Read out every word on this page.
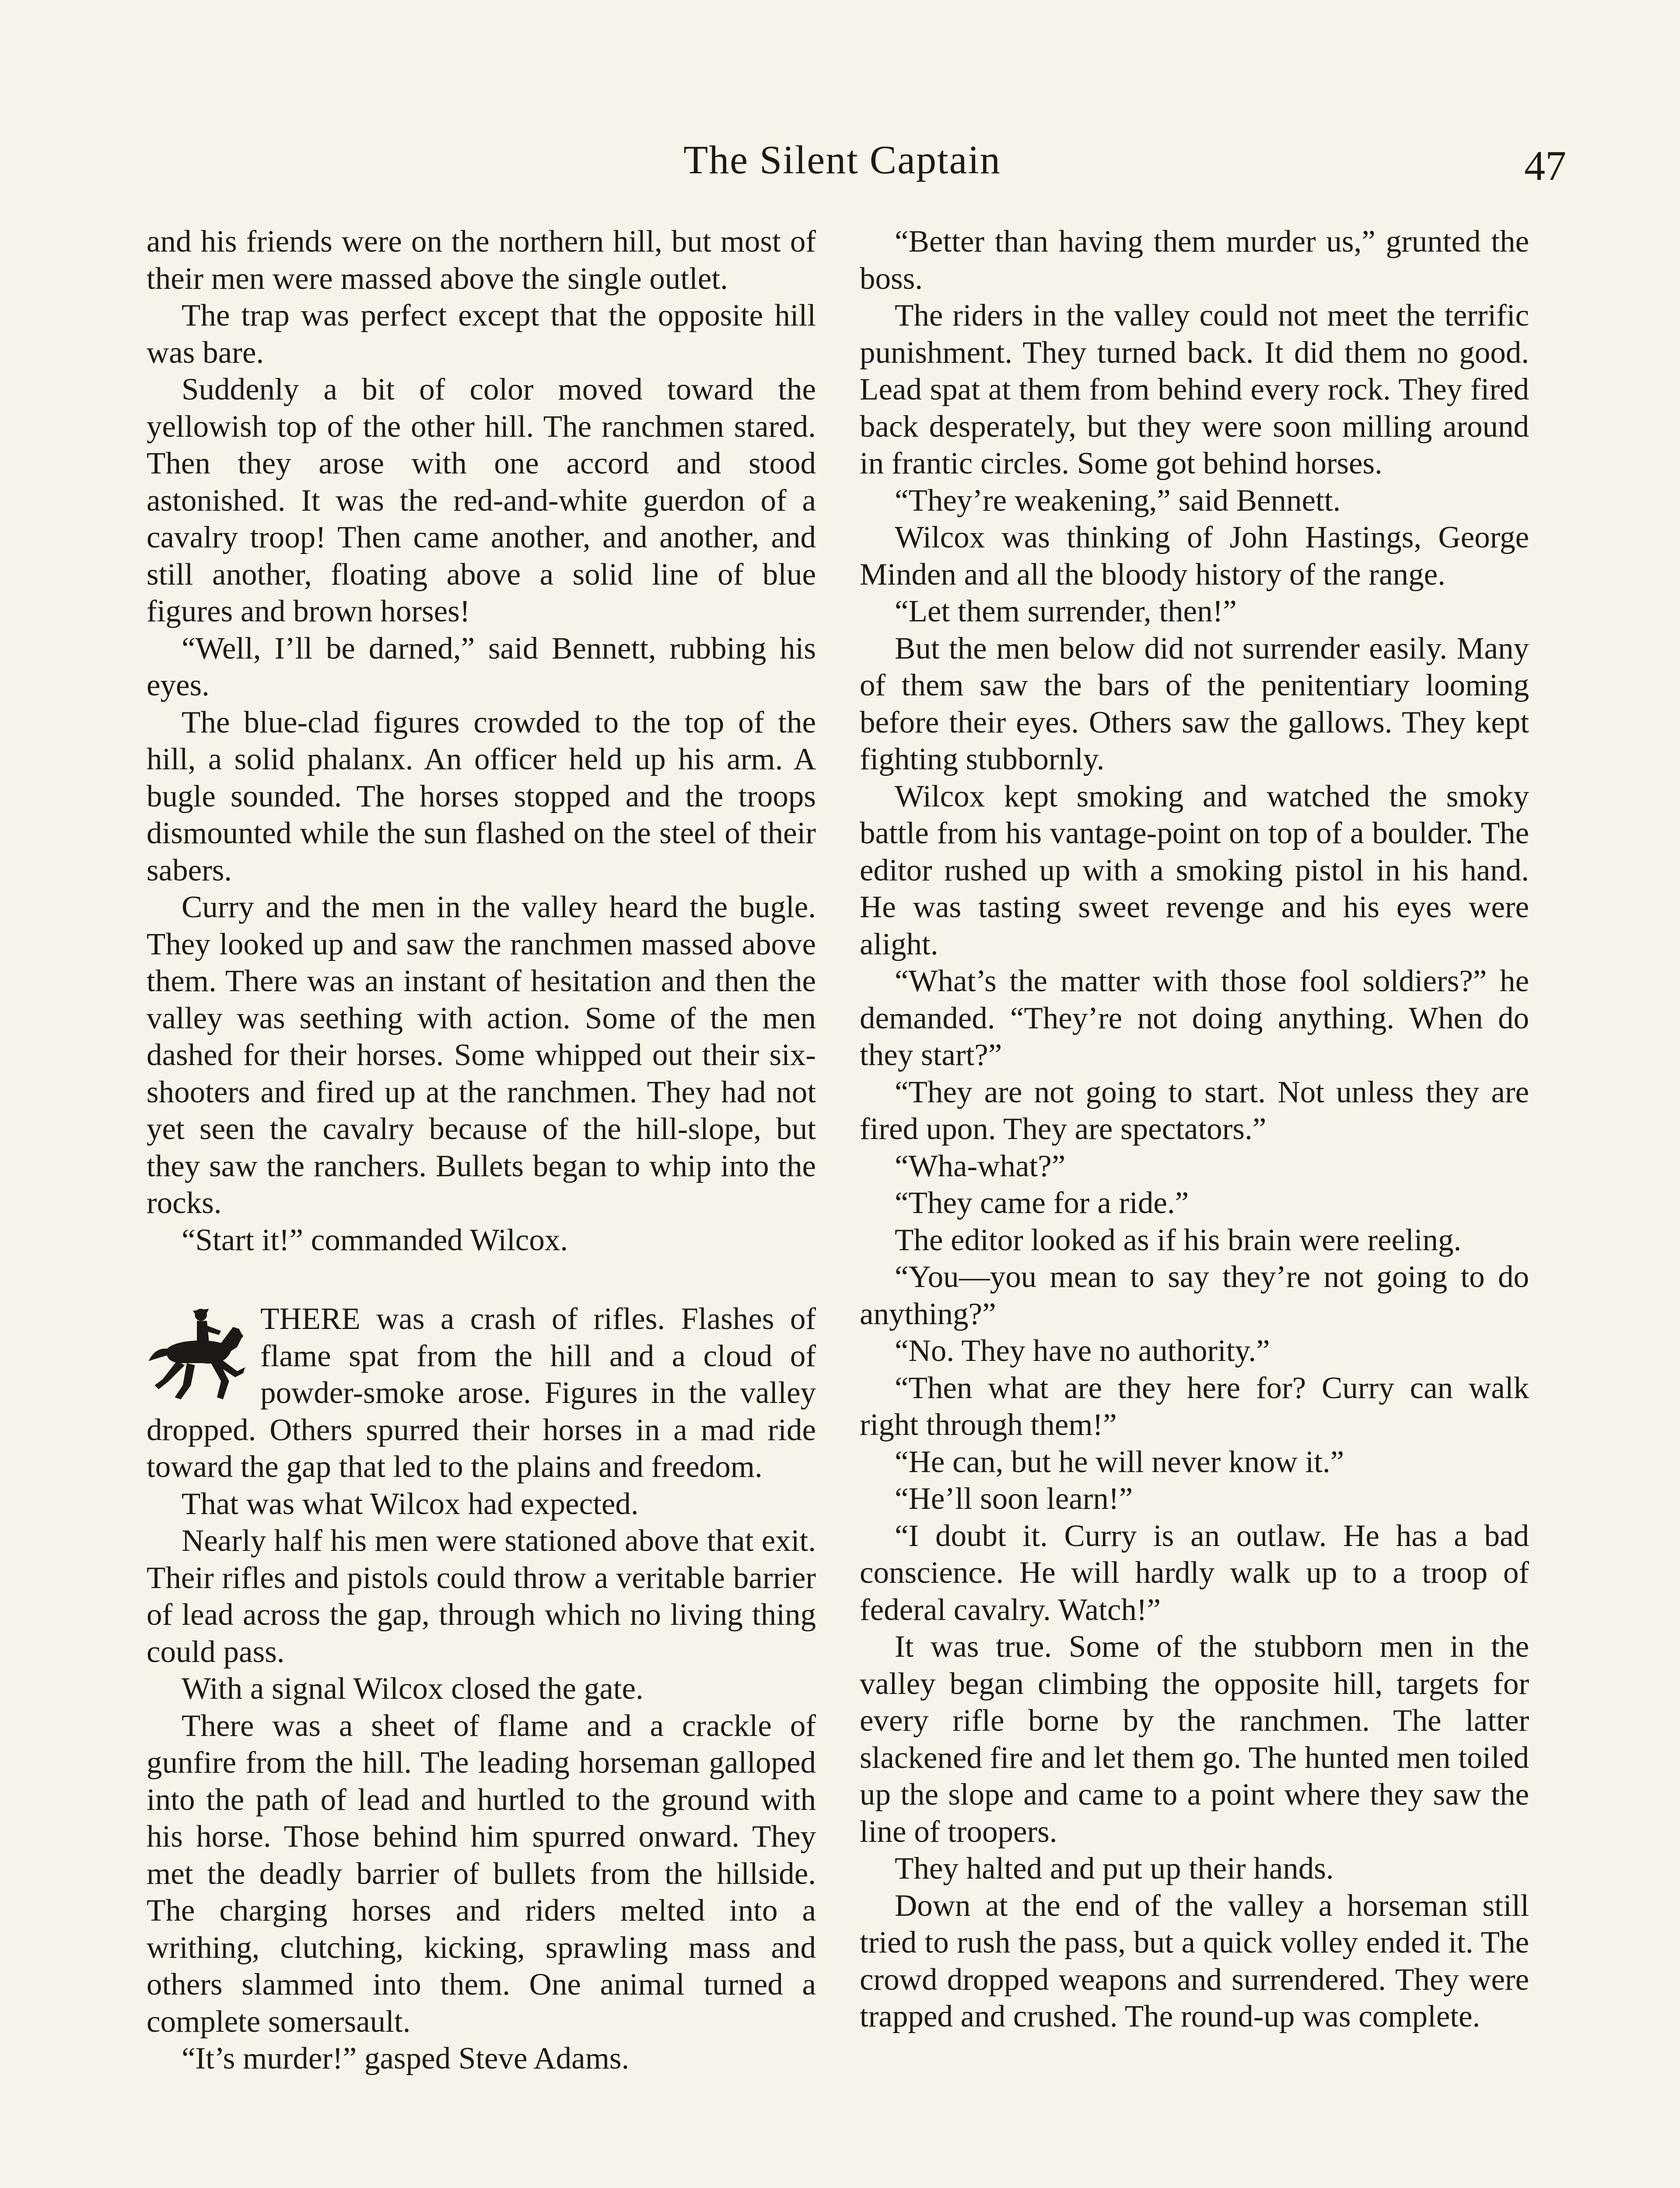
The Silent Captain	47

and his friends were on the northern hill, but most of their men were massed above the single outlet.

The trap was perfect except that the opposite hill was bare.

Suddenly a bit of color moved toward the yellowish top of the other hill. The ranchmen stared. Then they arose with one accord and stood astonished. It was the red-and-white guerdon of a cavalry troop! Then came another, and another, and still another, floating above a solid line of blue figures and brown horses!

“Well, I’ll be darned,” said Bennett, rubbing his eyes.

The blue-clad figures crowded to the top of the hill, a solid phalanx. An officer held up his arm. A bugle sounded. The horses stopped and the troops dismounted while the sun flashed on the steel of their sabers.

Curry and the men in the valley heard the bugle. They looked up and saw the ranchmen massed above them. There was an instant of hesitation and then the valley was seething with action. Some of the men dashed for their horses. Some whipped out their six-shooters and fired up at the ranchmen. They had not yet seen the cavalry because of the hill-slope, but they saw the ranchers. Bullets began to whip into the rocks.

“Start it!” commanded Wilcox.

THERE was a crash of rifles. Flashes of flame spat from the hill and a cloud of powder-smoke arose. Figures in the valley dropped. Others spurred their horses in a mad ride toward the gap that led to the plains and freedom.

That was what Wilcox had expected.

Nearly half his men were stationed above that exit. Their rifles and pistols could throw a veritable barrier of lead across the gap, through which no living thing could pass.

With a signal Wilcox closed the gate.

There was a sheet of flame and a crackle of gunfire from the hill. The leading horseman galloped into the path of lead and hurtled to the ground with his horse. Those behind him spurred onward. They met the deadly barrier of bullets from the hillside. The charging horses and riders melted into a writhing, clutching, kicking, sprawling mass and others slammed into them. One animal turned a complete somersault.

“It’s murder!” gasped Steve Adams.

“Better than having them murder us,” grunted the boss.

The riders in the valley could not meet the terrific punishment. They turned back. It did them no good. Lead spat at them from behind every rock. They fired back desperately, but they were soon milling around in frantic circles. Some got behind horses.

“They’re weakening,” said Bennett.

Wilcox was thinking of John Hastings, George Minden and all the bloody history of the range.

“Let them surrender, then!”

But the men below did not surrender easily. Many of them saw the bars of the penitentiary looming before their eyes. Others saw the gallows. They kept fighting stubbornly.

Wilcox kept smoking and watched the smoky battle from his vantage-point on top of a boulder. The editor rushed up with a smoking pistol in his hand. He was tasting sweet revenge and his eyes were alight.

“What’s the matter with those fool soldiers?” he demanded. “They’re not doing anything. When do they start?”

“They are not going to start. Not unless they are fired upon. They are spectators.”

“Wha-what?”

“They came for a ride.”

The editor looked as if his brain were reeling.

“You—you mean to say they’re not going to do anything?”

“No. They have no authority.”

“Then what are they here for? Curry can walk right through them!”

“He can, but he will never know it.”

“He’ll soon learn!”

“I doubt it. Curry is an outlaw. He has a bad conscience. He will hardly walk up to a troop of federal cavalry. Watch!”

It was true. Some of the stubborn men in the valley began climbing the opposite hill, targets for every rifle borne by the ranchmen. The latter slackened fire and let them go. The hunted men toiled up the slope and came to a point where they saw the line of troopers.

They halted and put up their hands.

Down at the end of the valley a horseman still tried to rush the pass, but a quick volley ended it. The crowd dropped weapons and surrendered. They were trapped and crushed. The round-up was complete.
